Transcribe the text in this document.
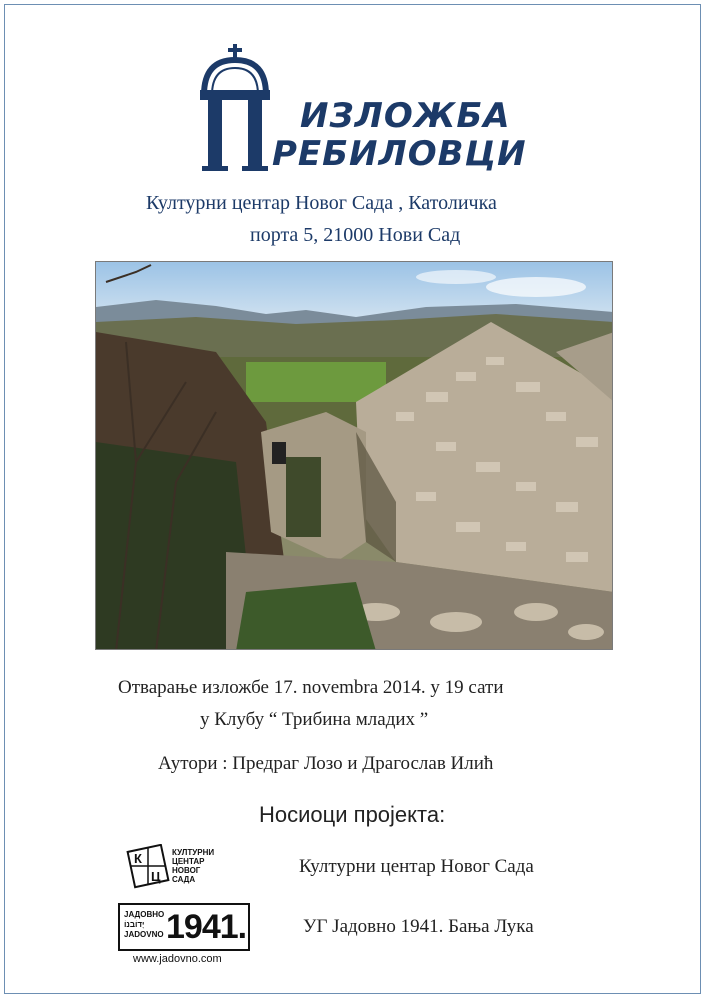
ИЗЛОЖБА
РЕБИЛОВЦИ
Културни центар Новог Сада , Католичка
порта 5, 21000 Нови Сад
Отварање изложбе 17. novembra 2014. у 19 сати
у Клубу “ Трибина младих ”
Аутори : Предраг Лозо и Драгослав Илић
Носиоци пројекта:
К
Ц
КУЛТУРНИ
ЦЕНТАР
НОВОГ
САДА
Културни центар Новог Сада
ЈАДОВНО
יָדוֹבנוֹ
JADOVNO 1941.
www.jadovno.com
УГ Јадовно 1941. Бања Лука
